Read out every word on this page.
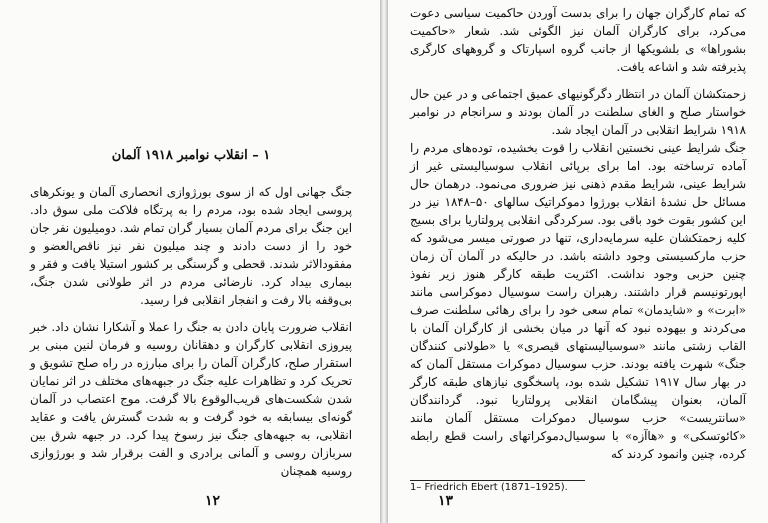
۱ – انقلاب نوامبر ۱۹۱۸ آلمان

جنگ جهانی اول که از سوی بورژوازی انحصاری آلمان و یونکرهای پروسی ایجاد شده بود، مردم را به پرتگاه فلاکت ملی سوق داد. این جنگ برای مردم آلمان بسیار گران تمام شد. دومیلیون نفر جان خود را از دست دادند و چند میلیون نفر نیز ناقص‌العضو و مفقودالاثر شدند. قحطی و گرسنگی بر کشور استیلا یافت و فقر و بیماری بیداد کرد. نارضائی مردم در اثر طولانی شدن جنگ، بی‌وقفه بالا رفت و انفجار انقلابی فرا رسید.

انقلاب ضرورت پایان دادن به جنگ را عملا و آشکارا نشان داد. خبر پیروزی انقلابی کارگران و دهقانان روسیه و فرمان لنین مبنی بر استقرار صلح، کارگران آلمان را برای مبارزه در راه صلح تشویق و تحریک کرد و تظاهرات علیه جنگ در جبهه‌های مختلف در اثر نمایان شدن شکست‌های قریب‌الوقوع بالا گرفت. موج اعتصاب در آلمان گونه‌ای بیسابقه به خود گرفت و به شدت گسترش یافت و عقاید انقلابی، به جبهه‌های جنگ نیز رسوخ پیدا کرد. در جبهه شرق بین سربازان روسی و آلمانی برادری و الفت برقرار شد و بورژوازی روسیه همچنان

۱۲

که تمام کارگران جهان را برای بدست آوردن حاکمیت سیاسی دعوت می‌کرد، برای کارگران آلمان نیز الگوئی شد. شعار «حاکمیت بشوراها» ی بلشویکها از جانب گروه اسپارتاک و گروههای کارگری پذیرفته شد و اشاعه یافت.

زحمتکشان آلمان در انتظار دگرگونیهای عمیق اجتماعی و در عین حال خواستار صلح و الغای سلطنت در آلمان بودند و سرانجام در نوامبر ۱۹۱۸ شرایط انقلابی در آلمان ایجاد شد.

جنگ شرایط عینی نخستین انقلاب را قوت بخشیده، توده‌های مردم را آماده ترساخته بود. اما برای برپائی انقلاب سوسیالیستی غیر از شرایط عینی، شرایط مقدم ذهنی نیز ضروری می‌نمود. درهمان حال مسائل حل نشدهٔ انقلاب بورژوا دموکراتیک سالهای ۵۰–۱۸۴۸ نیز در این کشور بقوت خود باقی بود. سرکردگی انقلابی پرولتاریا برای بسیج کلیه زحمتکشان علیه سرمایه‌داری، تنها در صورتی میسر می‌شود که حزب مارکسیستی وجود داشته باشد. در حالیکه در آلمان آن زمان چنین حزبی وجود نداشت. اکثریت طبقه کارگر هنوز زیر نفوذ اپورتونیسم قرار داشتند. رهبران راست سوسیال دموکراسی مانند «ابرت» و «شایدمان» تمام سعی خود را برای رهائی سلطنت صرف می‌کردند و بیهوده نبود که آنها در میان بخشی از کارگران آلمان با القاب زشتی مانند «سوسیالیستهای قیصری» یا «طولانی کنندگان جنگ» شهرت یافته بودند. حزب سوسیال دموکرات مستقل آلمان که در بهار سال ۱۹۱۷ تشکیل شده بود، پاسخگوی نیازهای طبقه کارگر آلمان، بعنوان پیشگامان انقلابی پرولتاریا نبود. گردانندگان «سانتریست» حزب سوسیال دموکرات مستقل آلمان مانند «کائوتسکی» و «هاآزه» با سوسیال‌دموکراتهای راست قطع رابطه کرده، چنین وانمود کردند که

1– Friedrich Ebert (1871–1925).
۱۳
